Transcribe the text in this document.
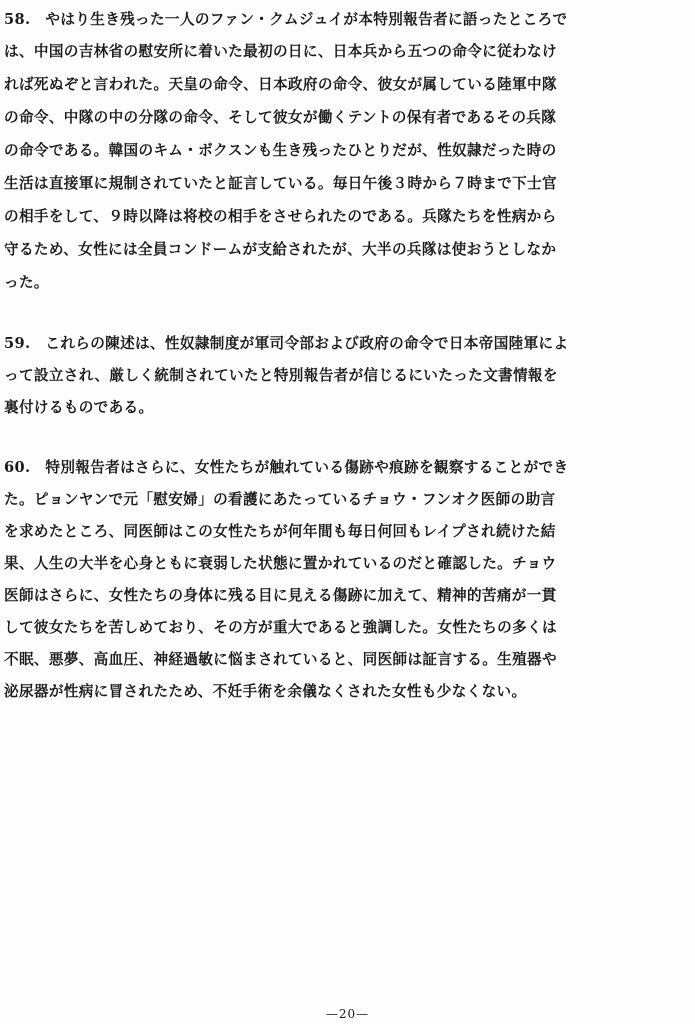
58.　やはり生き残った一人のファン・クムジュイが本特別報告者に語ったところで
は、中国の吉林省の慰安所に着いた最初の日に、日本兵から五つの命令に従わなけ
れば死ぬぞと言われた。天皇の命令、日本政府の命令、彼女が属している陸軍中隊
の命令、中隊の中の分隊の命令、そして彼女が働くテントの保有者であるその兵隊
の命令である。韓国のキム・ボクスンも生き残ったひとりだが、性奴隷だった時の
生活は直接軍に規制されていたと証言している。毎日午後３時から７時まで下士官
の相手をして、９時以降は将校の相手をさせられたのである。兵隊たちを性病から
守るため、女性には全員コンドームが支給されたが、大半の兵隊は使おうとしなか
った。
59.　これらの陳述は、性奴隷制度が軍司令部および政府の命令で日本帝国陸軍によ
って設立され、厳しく統制されていたと特別報告者が信じるにいたった文書情報を
裏付けるものである。
60.　特別報告者はさらに、女性たちが触れている傷跡や痕跡を観察することができ
た。ピョンヤンで元「慰安婦」の看護にあたっているチョウ・フンオク医師の助言
を求めたところ、同医師はこの女性たちが何年間も毎日何回もレイプされ続けた結
果、人生の大半を心身ともに衰弱した状態に置かれているのだと確認した。チョウ
医師はさらに、女性たちの身体に残る目に見える傷跡に加えて、精神的苦痛が一貫
して彼女たちを苦しめており、その方が重大であると強調した。女性たちの多くは
不眠、悪夢、高血圧、神経過敏に悩まされていると、同医師は証言する。生殖器や
泌尿器が性病に冒されたため、不妊手術を余儀なくされた女性も少なくない。
—20—
